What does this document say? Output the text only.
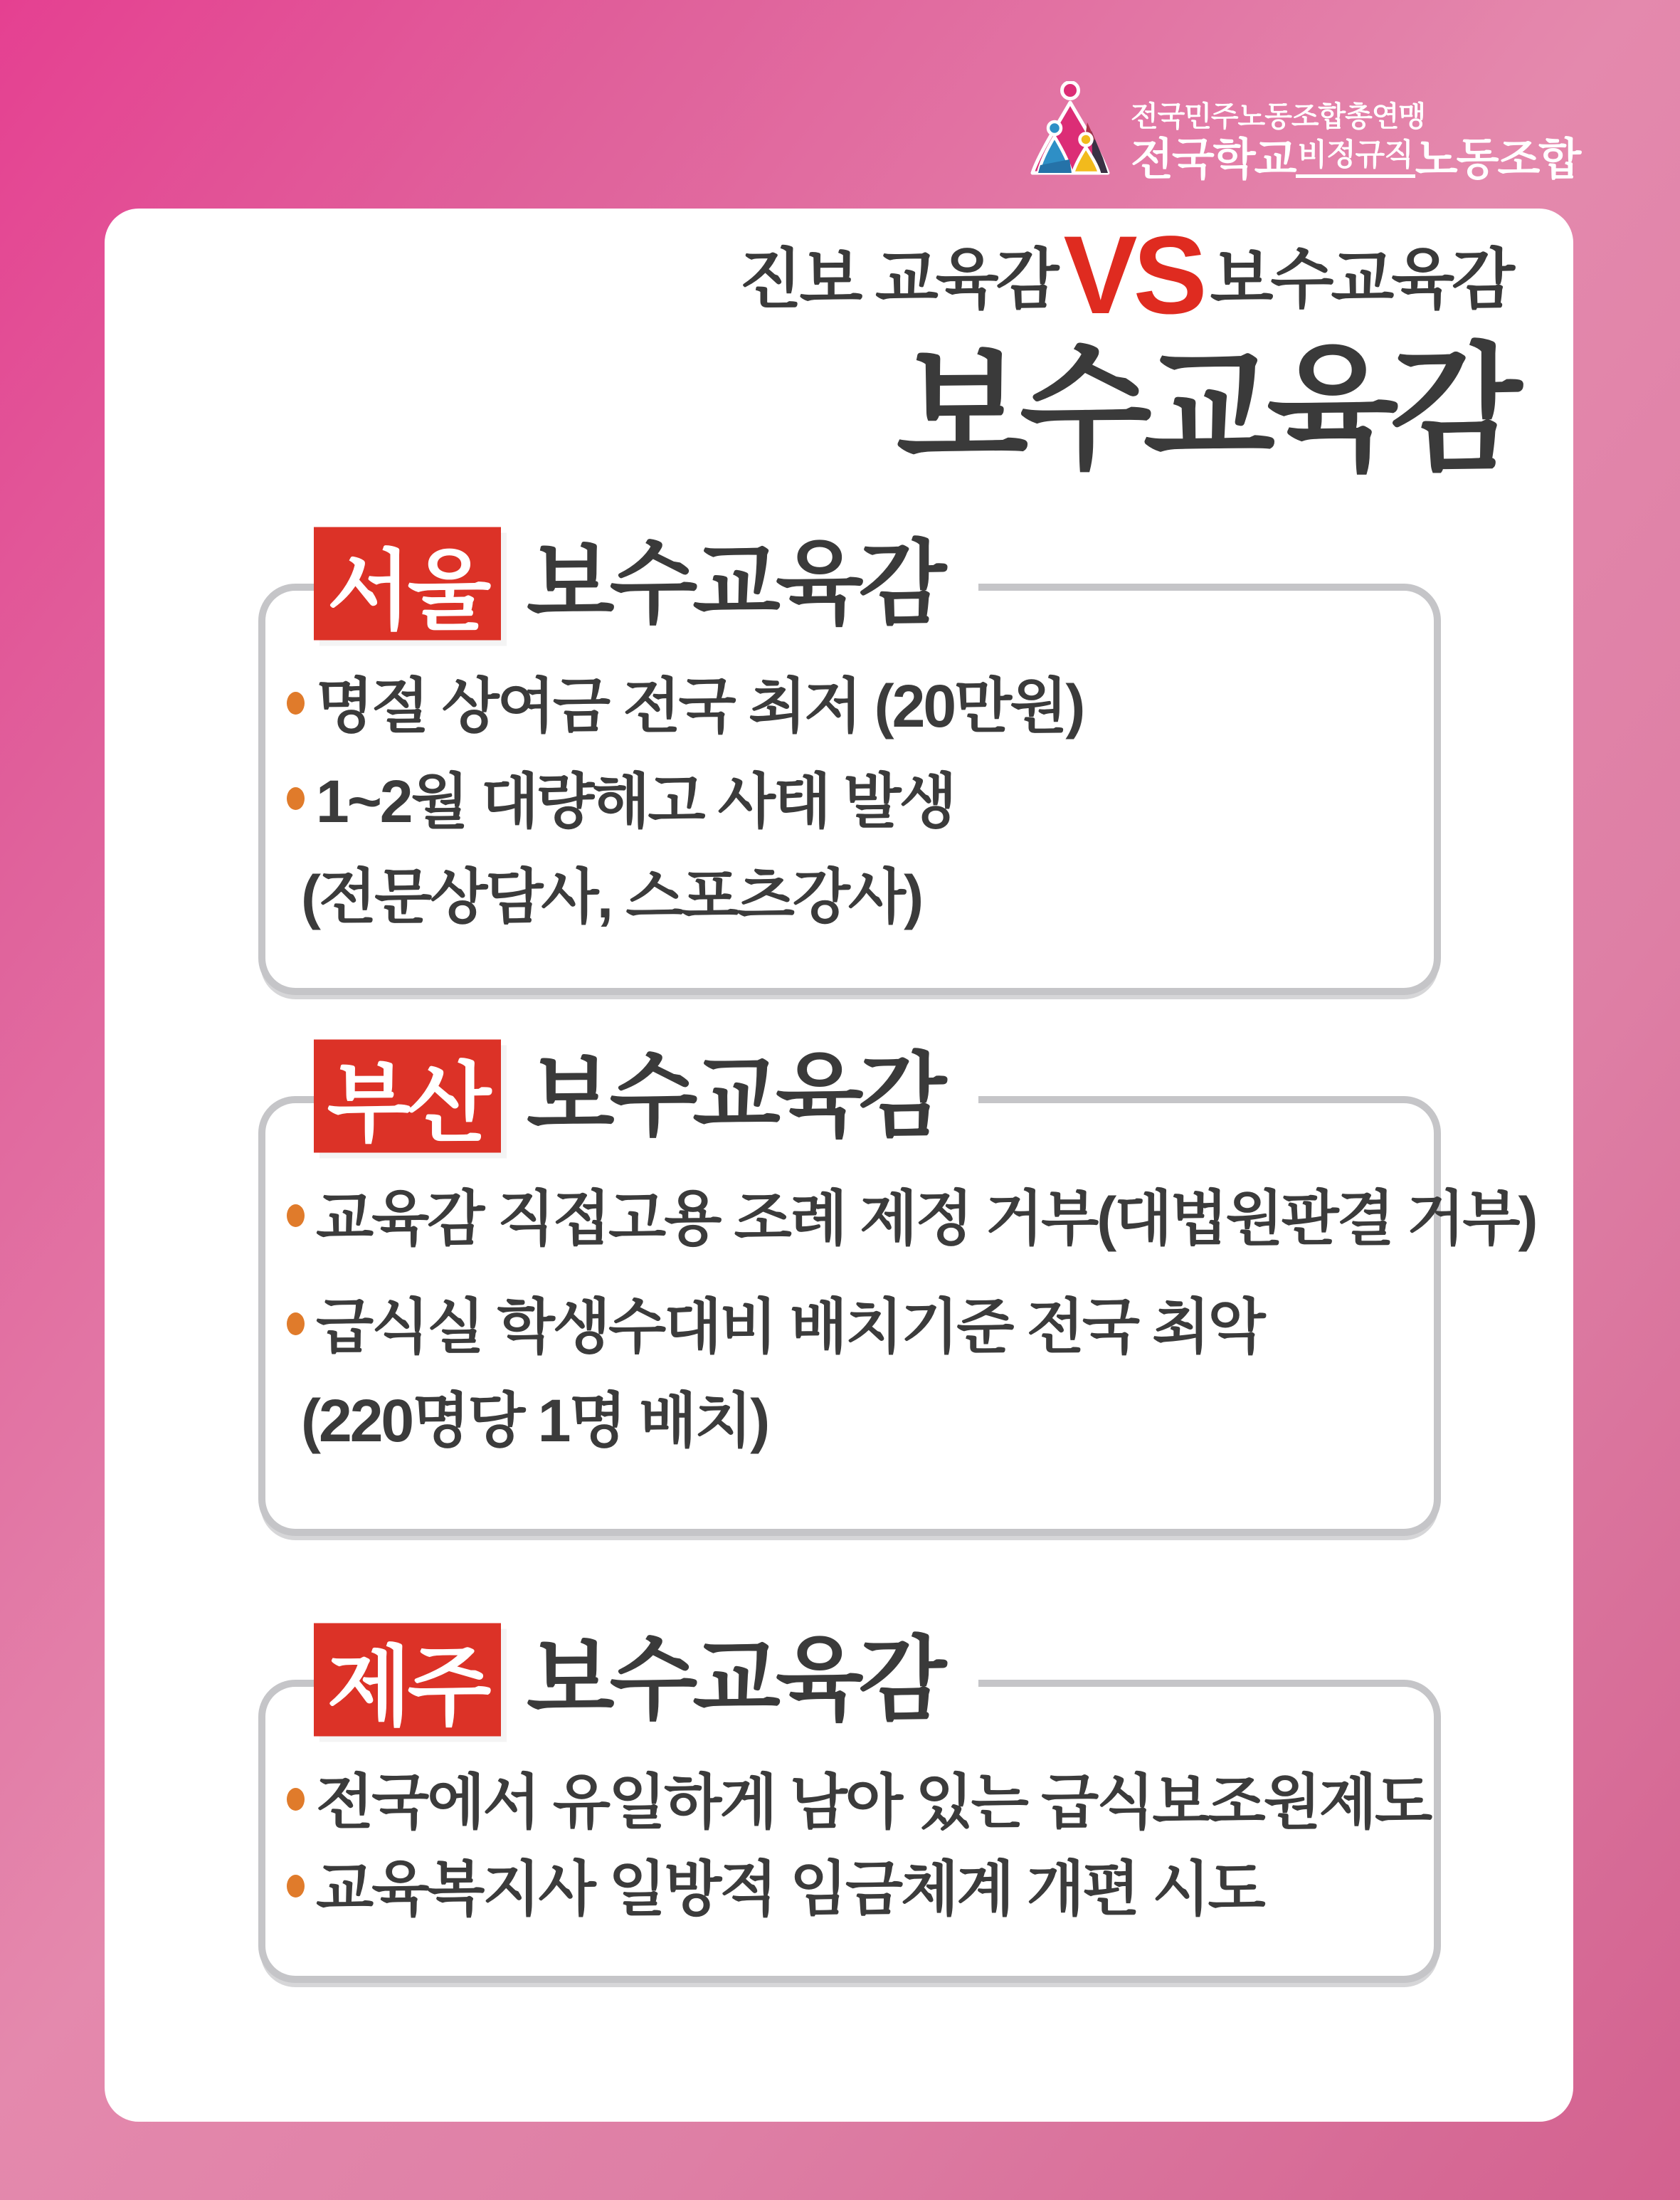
전국민주노동조합총연맹
전국학교 비정규직 노동조합
진보 교육감 VS 보수교육감
보수교육감
서울 보수교육감
명절 상여금 전국 최저 (20만원)
1~2월 대량해고 사태 발생
(전문상담사, 스포츠강사)
부산 보수교육감
교육감 직접고용 조례 제정 거부(대법원판결 거부)
급식실 학생수대비 배치기준 전국 최악
(220명당 1명 배치)
제주 보수교육감
전국에서 유일하게 남아 있는 급식보조원제도
교육복지사 일방적 임금체계 개편 시도
